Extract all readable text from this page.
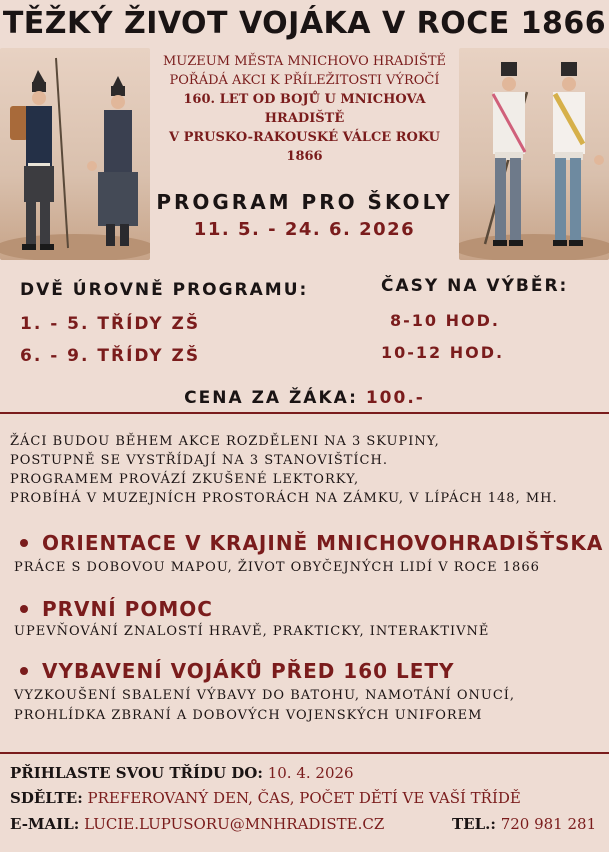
TĚŽKÝ ŽIVOT VOJÁKA V ROCE 1866
MUZEUM MĚSTA MNICHOVO HRADIŠTĚ
POŘÁDÁ AKCI K PŘÍLEŽITOSTI VÝROČÍ
160. LET OD BOJŮ U MNICHOVA HRADIŠTĚ
V PRUSKO-RAKOUSKÉ VÁLCE ROKU 1866
PROGRAM PRO ŠKOLY
11. 5. - 24. 6. 2026
DVĚ ÚROVNĚ PROGRAMU:
1. - 5. TŘÍDY ZŠ
6. - 9. TŘÍDY ZŠ
ČASY NA VÝBĚR:
8-10 HOD.
10-12 HOD.
CENA ZA ŽÁKA: 100.-
ŽÁCI BUDOU BĚHEM AKCE ROZDĚLENI NA 3 SKUPINY,
POSTUPNĚ SE VYSTŘÍDAJÍ NA 3 STANOVIŠTÍCH.
PROGRAMEM PROVÁZÍ ZKUŠENÉ LEKTORKY,
PROBÍHÁ V MUZEJNÍCH PROSTORÁCH NA ZÁMKU, V LÍPÁCH 148, MH.
ORIENTACE V KRAJINĚ MNICHOVOHRADIŠŤSKA
PRÁCE S DOBOVOU MAPOU, ŽIVOT OBYČEJNÝCH LIDÍ V ROCE 1866
PRVNÍ POMOC
UPEVŇOVÁNÍ ZNALOSTÍ HRAVĚ, PRAKTICKY, INTERAKTIVNĚ
VYBAVENÍ VOJÁKŮ PŘED 160 LETY
VYZKOUŠENÍ SBALENÍ VÝBAVY DO BATOHU, NAMOTÁNÍ ONUCÍ,
PROHLÍDKA ZBRANÍ A DOBOVÝCH VOJENSKÝCH UNIFOREM
PŘIHLASTE SVOU TŘÍDU DO: 10. 4. 2026
SDĚLTE: PREFEROVANÝ DEN, ČAS, POČET DĚTÍ VE VAŠÍ TŘÍDĚ
E-MAIL: LUCIE.LUPUSORU@MNHRADISTE.CZ	TEL.: 720 981 281
